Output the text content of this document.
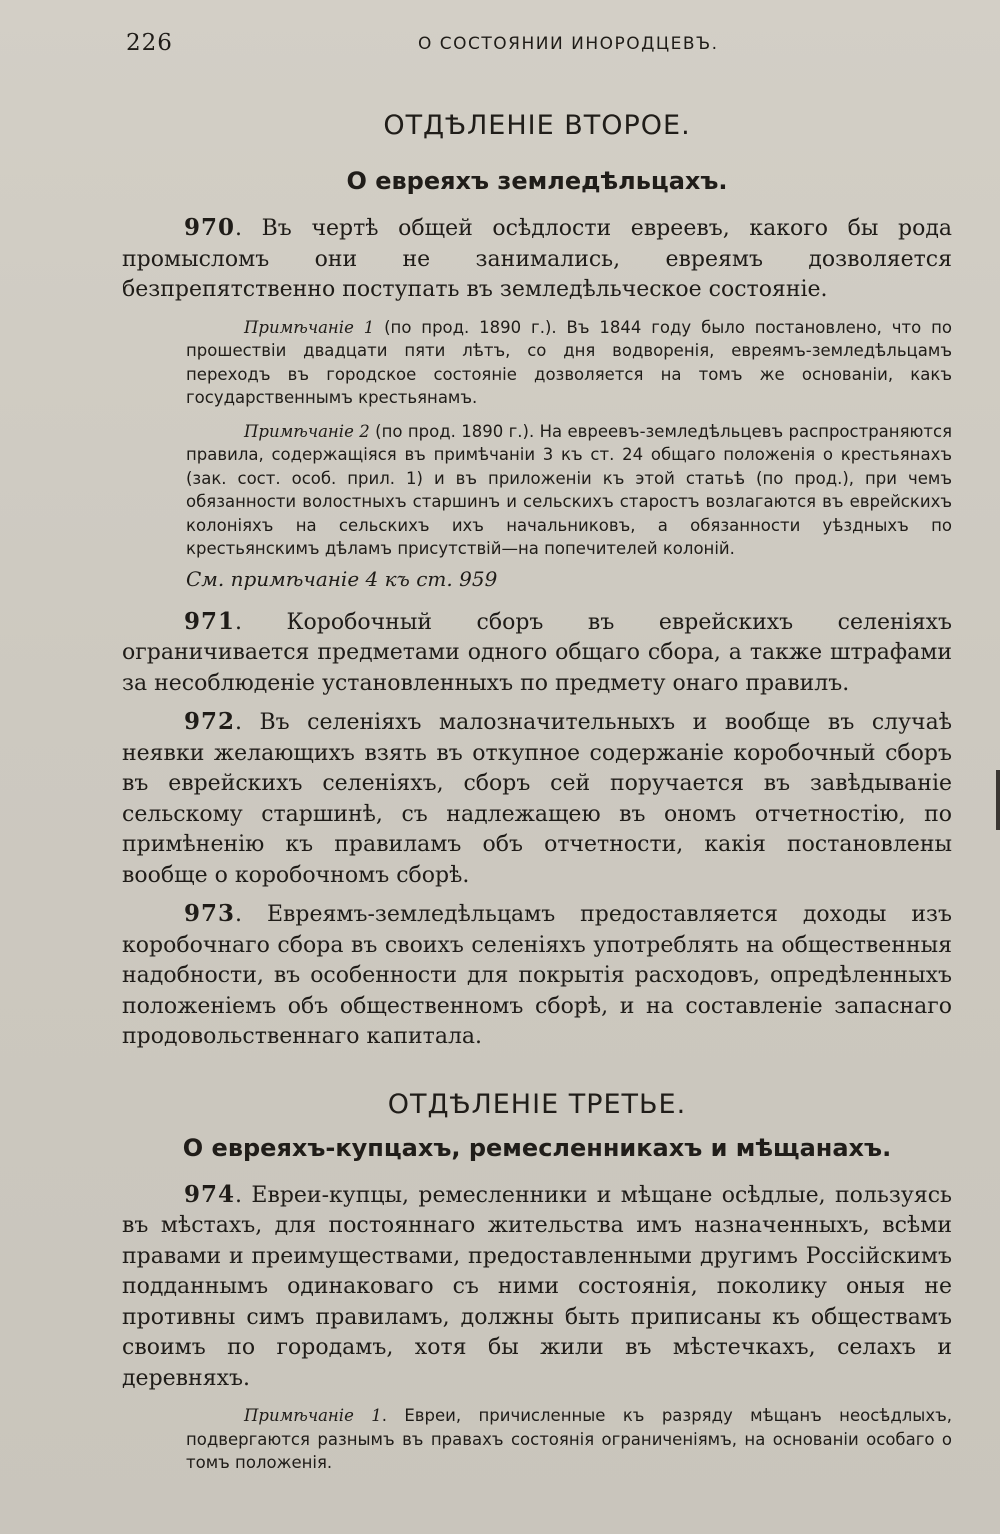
226	О СОСТОЯНИИ ИНОРОДЦЕВЪ.
ОТДѢЛЕНІЕ ВТОРОЕ.
О евреяхъ земледѣльцахъ.

970. Въ чертѣ общей осѣдлости евреевъ, какого бы рода промысломъ они не занимались, евреямъ дозволяется безпрепятственно поступать въ земледѣльческое состояніе.

Примѣчаніе 1 (по прод. 1890 г.). Въ 1844 году было постановлено, что по прошествіи двадцати пяти лѣтъ, со дня водворенія, евреямъ-земледѣльцамъ переходъ въ городское состояніе дозволяется на томъ же основаніи, какъ государственнымъ крестьянамъ.

Примѣчаніе 2 (по прод. 1890 г.). На евреевъ-земледѣльцевъ распространяются правила, содержащіяся въ примѣчаніи 3 къ ст. 24 общаго положенія о крестьянахъ (зак. сост. особ. прил. 1) и въ приложеніи къ этой статьѣ (по прод.), при чемъ обязанности волостныхъ старшинъ и сельскихъ старостъ возлагаются въ еврейскихъ колоніяхъ на сельскихъ ихъ начальниковъ, а обязанности уѣздныхъ по крестьянскимъ дѣламъ присутствій—на попечителей колоній.

См. примѣчаніе 4 къ ст. 959

971. Коробочный сборъ въ еврейскихъ селеніяхъ ограничивается предметами одного общаго сбора, а также штрафами за несоблюденіе установленныхъ по предмету онаго правилъ.

972. Въ селеніяхъ малозначительныхъ и вообще въ случаѣ неявки желающихъ взять въ откупное содержаніе коробочный сборъ въ еврейскихъ селеніяхъ, сборъ сей поручается въ завѣдываніе сельскому старшинѣ, съ надлежащею въ ономъ отчетностію, по примѣненію къ правиламъ объ отчетности, какія постановлены вообще о коробочномъ сборѣ.

973. Евреямъ-земледѣльцамъ предоставляется доходы изъ коробочнаго сбора въ своихъ селеніяхъ употреблять на общественныя надобности, въ особенности для покрытія расходовъ, опредѣленныхъ положеніемъ объ общественномъ сборѣ, и на составленіе запаснаго продовольственнаго капитала.

ОТДѢЛЕНІЕ ТРЕТЬЕ.
О евреяхъ-купцахъ, ремесленникахъ и мѣщанахъ.

974. Евреи-купцы, ремесленники и мѣщане осѣдлые, пользуясь въ мѣстахъ, для постояннаго жительства имъ назначенныхъ, всѣми правами и преимуществами, предоставленными другимъ Россійскимъ подданнымъ одинаковаго съ ними состоянія, поколику оныя не противны симъ правиламъ, должны быть приписаны къ обществамъ своимъ по городамъ, хотя бы жили въ мѣстечкахъ, селахъ и деревняхъ.

Примѣчаніе 1. Евреи, причисленные къ разряду мѣщанъ неосѣдлыхъ, подвергаются разнымъ въ правахъ состоянія ограниченіямъ, на основаніи особаго о томъ положенія.
